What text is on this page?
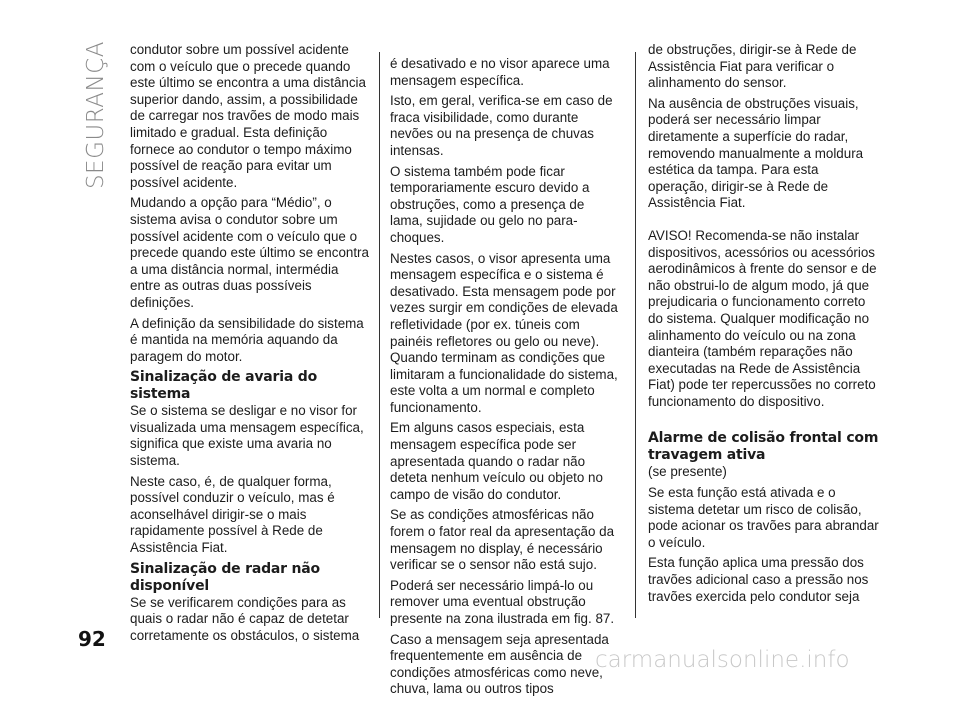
SEGURANÇA
92

condutor sobre um possível acidente com o veículo que o precede quando este último se encontra a uma distância superior dando, assim, a possibilidade de carregar nos travões de modo mais limitado e gradual. Esta definição fornece ao condutor o tempo máximo possível de reação para evitar um possível acidente.

Mudando a opção para “Médio”, o sistema avisa o condutor sobre um possível acidente com o veículo que o precede quando este último se encontra a uma distância normal, intermédia entre as outras duas possíveis definições.

A definição da sensibilidade do sistema é mantida na memória aquando da paragem do motor.

Sinalização de avaria do sistema

Se o sistema se desligar e no visor for visualizada uma mensagem específica, significa que existe uma avaria no sistema.

Neste caso, é, de qualquer forma, possível conduzir o veículo, mas é aconselhável dirigir-se o mais rapidamente possível à Rede de Assistência Fiat.

Sinalização de radar não disponível

Se se verificarem condições para as quais o radar não é capaz de detetar corretamente os obstáculos, o sistema

é desativado e no visor aparece uma mensagem específica.

Isto, em geral, verifica-se em caso de fraca visibilidade, como durante nevões ou na presença de chuvas intensas.

O sistema também pode ficar temporariamente escuro devido a obstruções, como a presença de lama, sujidade ou gelo no para-choques.

Nestes casos, o visor apresenta uma mensagem específica e o sistema é desativado. Esta mensagem pode por vezes surgir em condições de elevada refletividade (por ex. túneis com painéis refletores ou gelo ou neve). Quando terminam as condições que limitaram a funcionalidade do sistema, este volta a um normal e completo funcionamento.

Em alguns casos especiais, esta mensagem específica pode ser apresentada quando o radar não deteta nenhum veículo ou objeto no campo de visão do condutor.

Se as condições atmosféricas não forem o fator real da apresentação da mensagem no display, é necessário verificar se o sensor não está sujo.

Poderá ser necessário limpá-lo ou remover uma eventual obstrução presente na zona ilustrada em fig. 87.

Caso a mensagem seja apresentada frequentemente em ausência de condições atmosféricas como neve, chuva, lama ou outros tipos

de obstruções, dirigir-se à Rede de Assistência Fiat para verificar o alinhamento do sensor.

Na ausência de obstruções visuais, poderá ser necessário limpar diretamente a superfície do radar, removendo manualmente a moldura estética da tampa. Para esta operação, dirigir-se à Rede de Assistência Fiat.

AVISO! Recomenda-se não instalar dispositivos, acessórios ou acessórios aerodinâmicos à frente do sensor e de não obstrui-lo de algum modo, já que prejudicaria o funcionamento correto do sistema. Qualquer modificação no alinhamento do veículo ou na zona dianteira (também reparações não executadas na Rede de Assistência Fiat) pode ter repercussões no correto funcionamento do dispositivo.

Alarme de colisão frontal com travagem ativa

(se presente)

Se esta função está ativada e o sistema detetar um risco de colisão, pode acionar os travões para abrandar o veículo.

Esta função aplica uma pressão dos travões adicional caso a pressão nos travões exercida pelo condutor seja

carmanualsonline.info
